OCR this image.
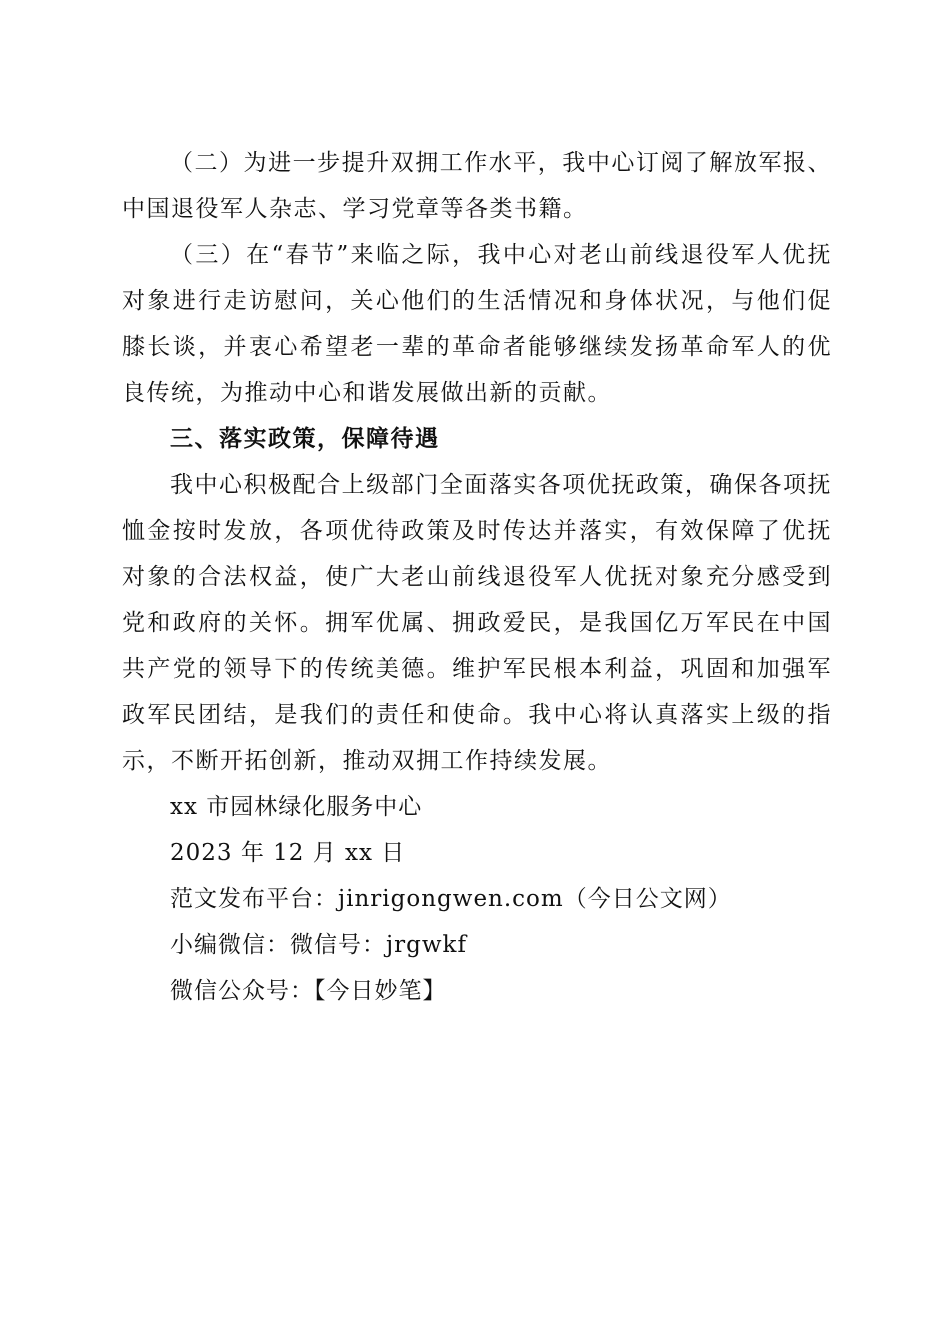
（二）为进一步提升双拥工作水平，我中心订阅了解放军报、中国退役军人杂志、学习党章等各类书籍。

（三）在“春节”来临之际，我中心对老山前线退役军人优抚对象进行走访慰问，关心他们的生活情况和身体状况，与他们促膝长谈，并衷心希望老一辈的革命者能够继续发扬革命军人的优良传统，为推动中心和谐发展做出新的贡献。

三、落实政策，保障待遇

我中心积极配合上级部门全面落实各项优抚政策，确保各项抚恤金按时发放，各项优待政策及时传达并落实，有效保障了优抚对象的合法权益，使广大老山前线退役军人优抚对象充分感受到党和政府的关怀。拥军优属、拥政爱民，是我国亿万军民在中国共产党的领导下的传统美德。维护军民根本利益，巩固和加强军政军民团结，是我们的责任和使命。我中心将认真落实上级的指示，不断开拓创新，推动双拥工作持续发展。

xx 市园林绿化服务中心

2023 年 12 月 xx 日

范文发布平台：jinrigongwen.com（今日公文网）

小编微信：微信号：jrgwkf

微信公众号：【今日妙笔】
